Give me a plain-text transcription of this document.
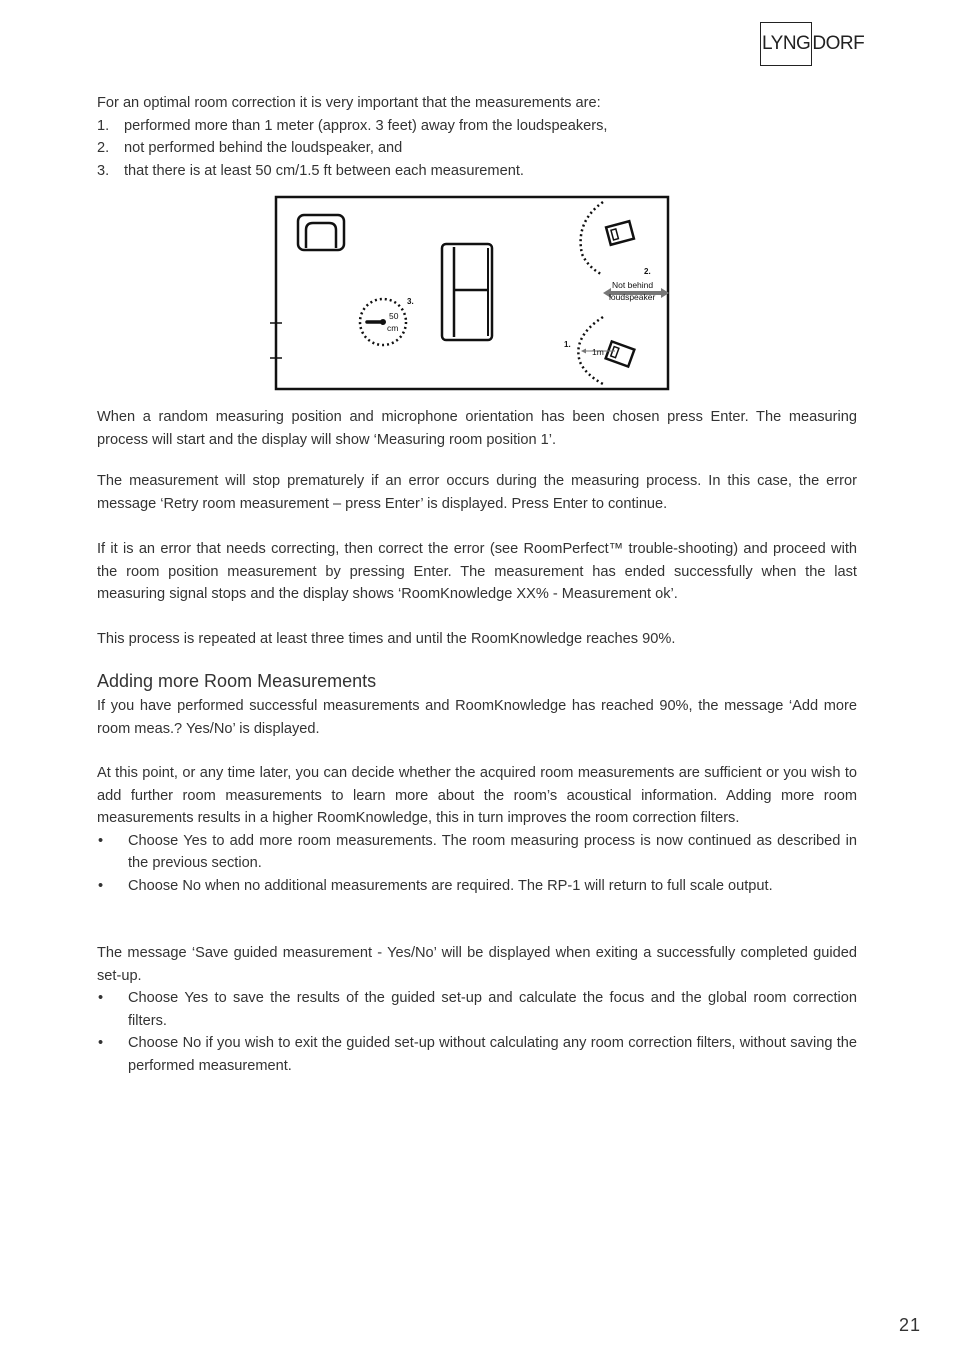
LYNG DORF

For an optimal room correction it is very important that the measurements are:

1.	performed more than 1 meter (approx. 3 feet) away from the loudspeakers,
2.	not performed behind the loudspeaker, and
3.	that there is at least 50 cm/1.5 ft between each measurement.
3.
50
cm
2.
Not behind
loudspeaker
1.
1m

When a random measuring position and microphone orientation has been chosen press Enter. The measuring process will start and the display will show ‘Measuring room position 1’.

The measurement will stop prematurely if an error occurs during the measuring process. In this case, the error message ‘Retry room measurement – press Enter’ is displayed. Press Enter to continue.

If it is an error that needs correcting, then correct the error (see RoomPerfect™ trouble-shooting) and proceed with the room position measurement by pressing Enter. The measurement has ended successfully when the last measuring signal stops and the display shows ‘RoomKnowledge XX% - Measurement ok’.

This process is repeated at least three times and until the RoomKnowledge reaches 90%.

Adding more Room Measurements

If you have performed successful measurements and RoomKnowledge has reached 90%, the message ‘Add more room meas.? Yes/No’ is displayed.

At this point, or any time later, you can decide whether the acquired room measurements are sufficient or you wish to add further room measurements to learn more about the room’s acoustical information. Adding more room measurements results in a higher RoomKnowledge, this in turn improves the room correction filters.

•	Choose Yes to add more room measurements. The room measuring process is now continued as described in the previous section.
•	Choose No when no additional measurements are required. The RP-1 will return to full scale output.

The message ‘Save guided measurement - Yes/No’ will be displayed when exiting a successfully completed guided set-up.

•	Choose Yes to save the results of the guided set-up and calculate the focus and the global room correction filters.
•	Choose No if you wish to exit the guided set-up without calculating any room correction filters, without saving the performed measurement.
21
